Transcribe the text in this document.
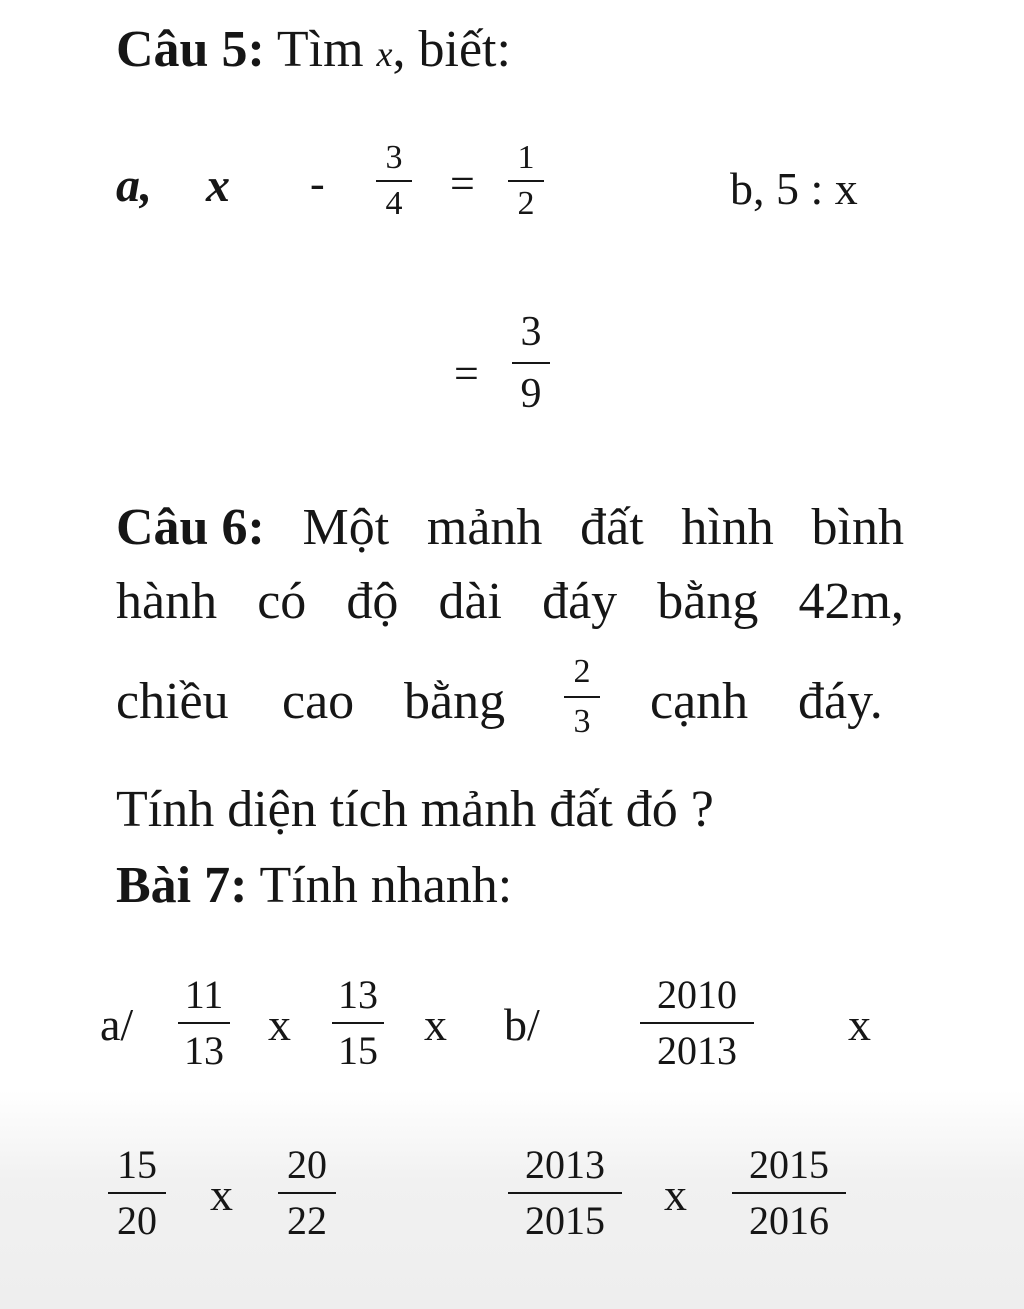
Câu 5: Tìm x, biết:
a, x -
3
4 =
1
2	b, 5 : x
=
3
9
Câu 6: Một mảnh đất hình bình
hành có độ dài đáy bằng 42m,
chiều cao bằng
2
3 cạnh đáy.
Tính diện tích mảnh đất đó ?
Bài 7: Tính nhanh:
a/
11
13
x
13
15
x b/
2010
2013
x
15
20
x
20
22
2013
2015
x
2015
2016
